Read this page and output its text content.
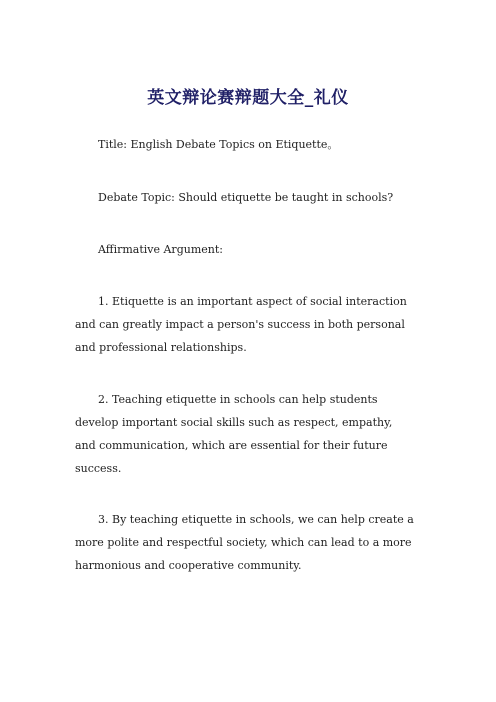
英文辩论赛辩题大全_礼仪

Title: English Debate Topics on Etiquette。

Debate Topic: Should etiquette be taught in schools?

Affirmative Argument:

1. Etiquette is an important aspect of social interaction and can greatly impact a person's success in both personal and professional relationships.

2. Teaching etiquette in schools can help students develop important social skills such as respect, empathy, and communication, which are essential for their future success.

3. By teaching etiquette in schools, we can help create a more polite and respectful society, which can lead to a more harmonious and cooperative community.
